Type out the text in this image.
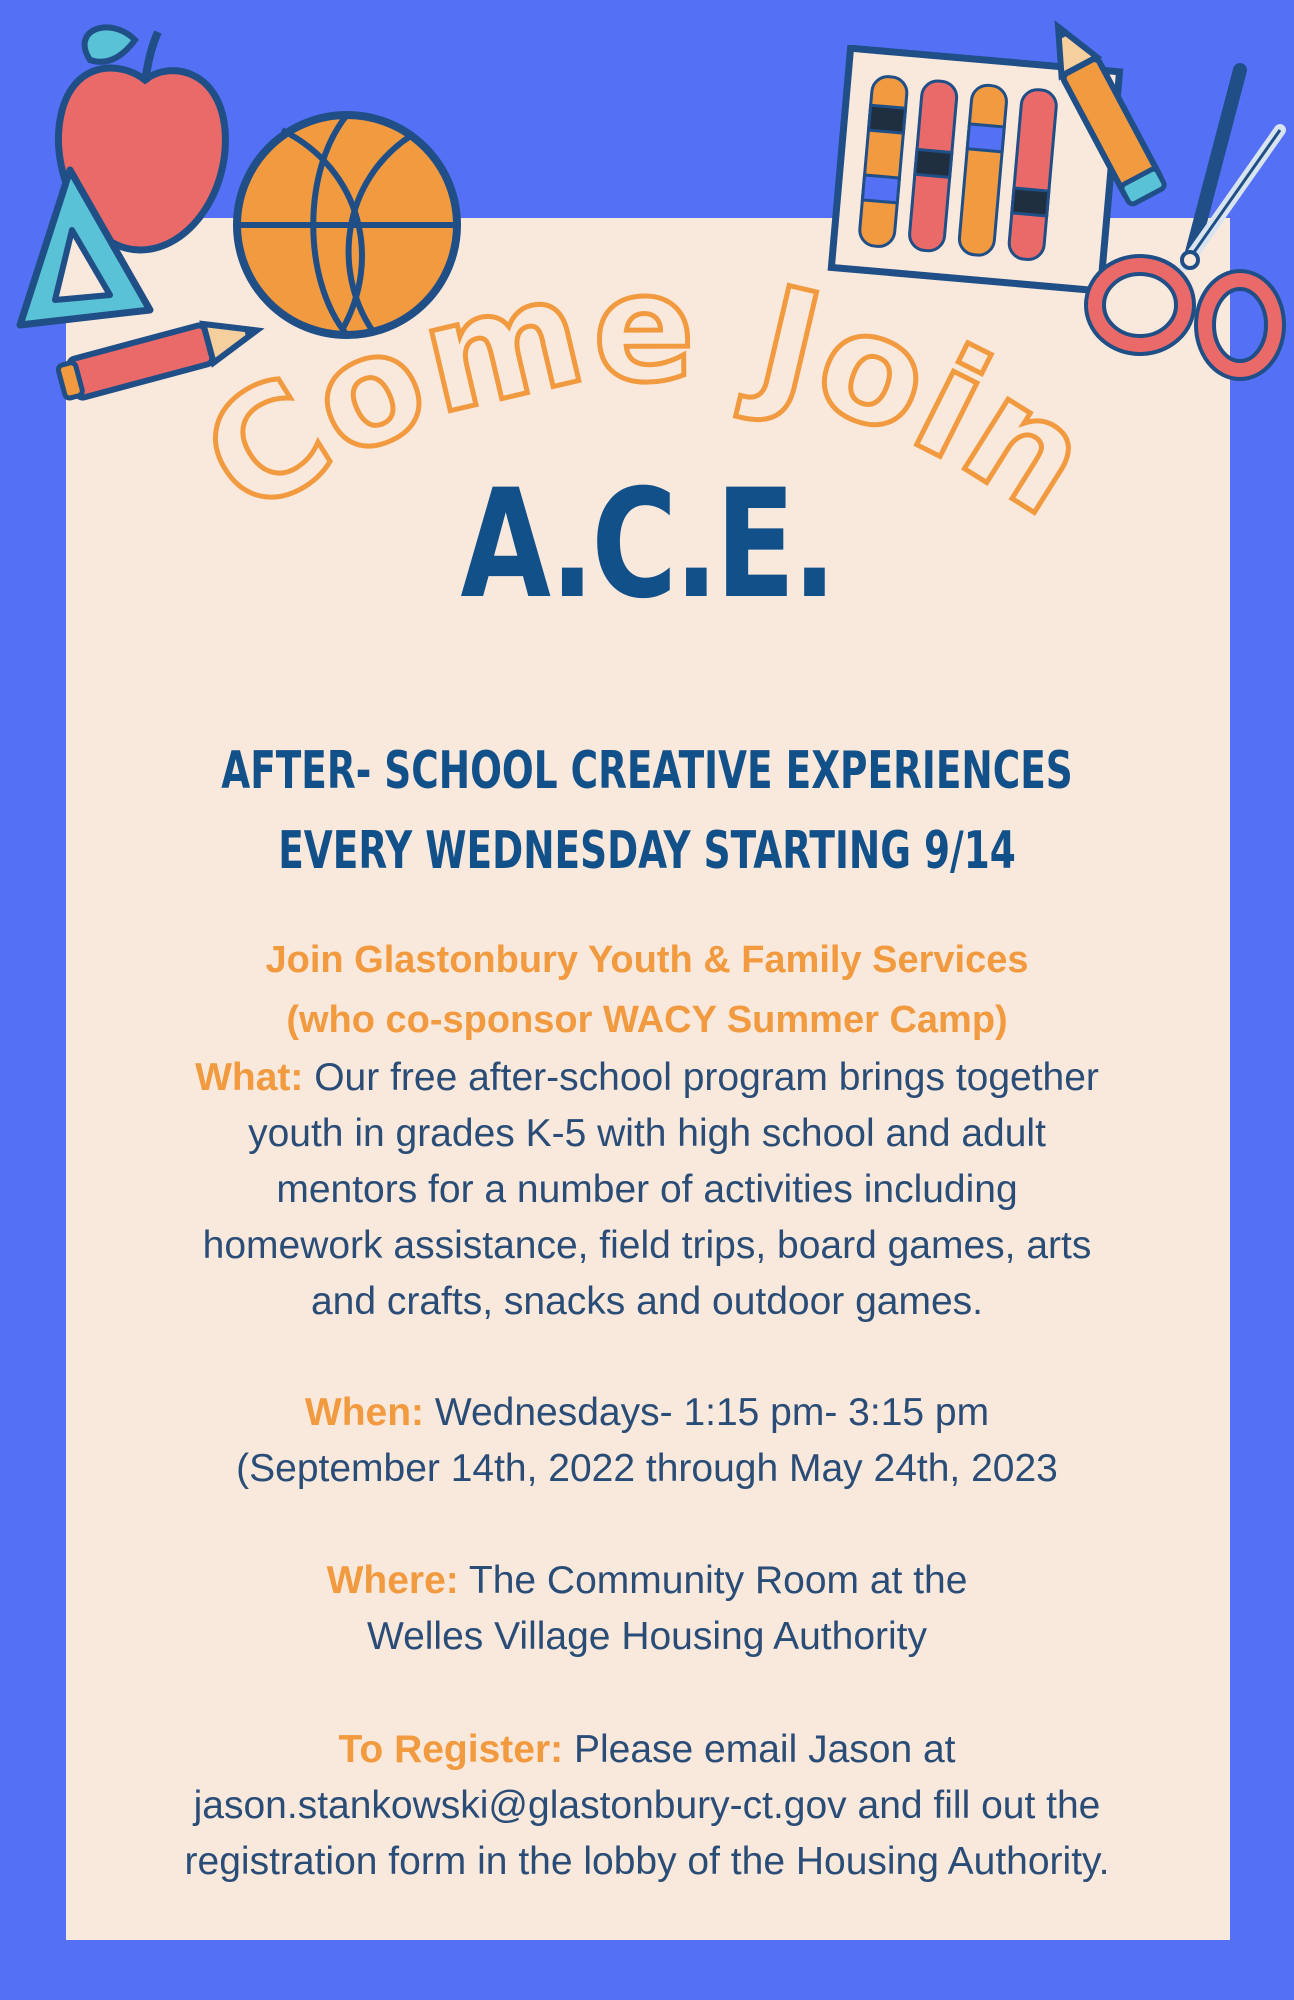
Come Join
A.C.E.
AFTER- SCHOOL CREATIVE EXPERIENCES
EVERY WEDNESDAY STARTING 9/14
Join Glastonbury Youth & Family Services
(who co-sponsor WACY Summer Camp)
What: Our free after-school program brings together
youth in grades K-5 with high school and adult
mentors for a number of activities including
homework assistance, field trips, board games, arts
and crafts, snacks and outdoor games.
When: Wednesdays- 1:15 pm- 3:15 pm
(September 14th, 2022 through May 24th, 2023
Where: The Community Room at the
Welles Village Housing Authority
To Register: Please email Jason at
jason.stankowski@glastonbury-ct.gov and fill out the
registration form in the lobby of the Housing Authority.
